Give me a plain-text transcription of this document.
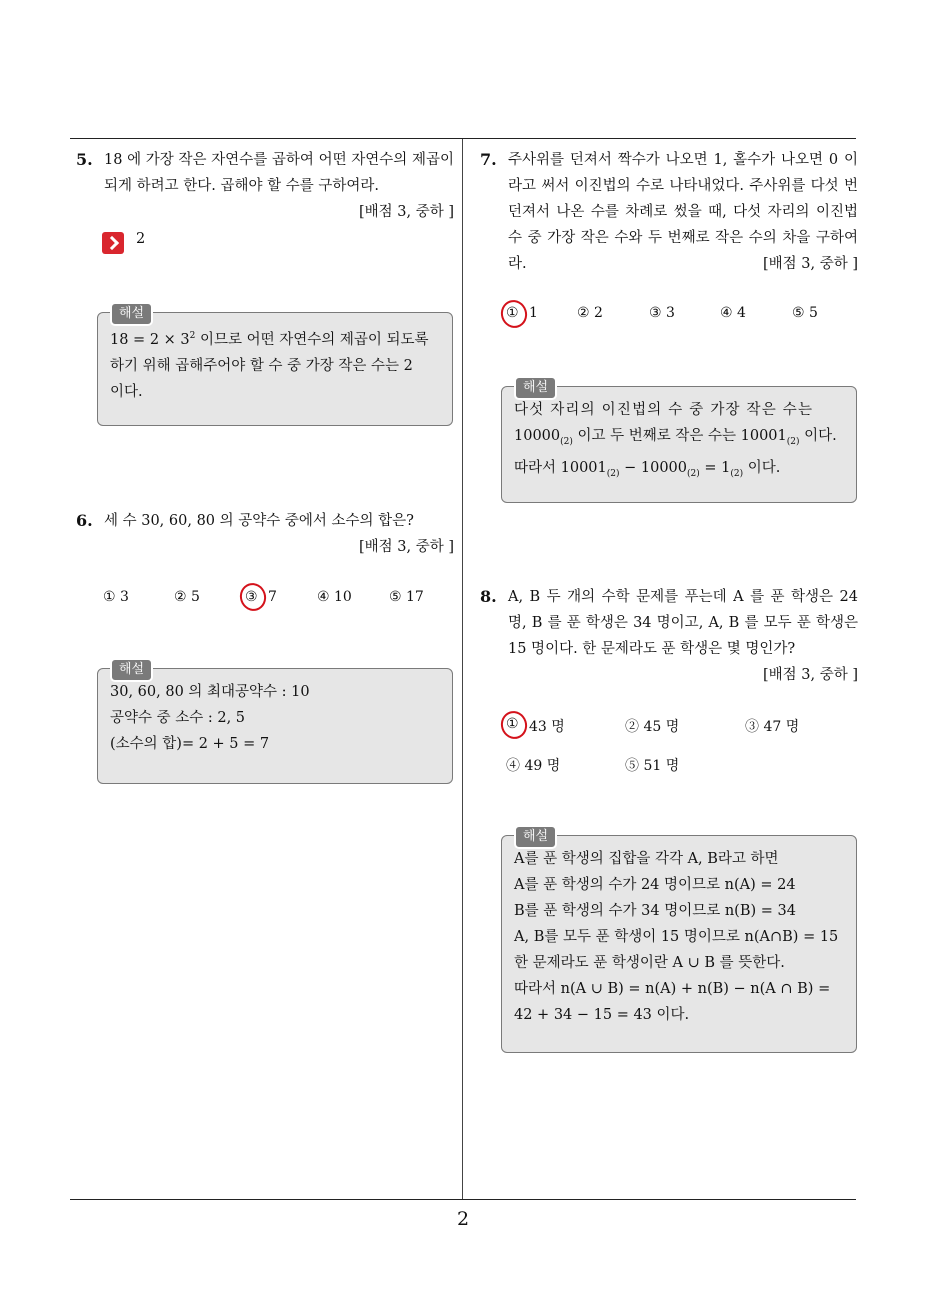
2
5. 18 에 가장 작은 자연수를 곱하여 어떤 자연수의 제곱이 되게 하려고 한다. 곱해야 할 수를 구하여라.
[배점 3, 중하 ]
2
해설
$18 = 2 \times 3^2$ 이므로 어떤 자연수의 제곱이 되도록
하기 위해 곱해주어야 할 수 중 가장 작은 수는 2
이다.
6. 세 수 30, 60, 80 의 공약수 중에서 소수의 합은?
[배점 3, 중하 ]
① 3	② 5	③ 7	④ 10	⑤ 17
해설
30, 60, 80 의 최대공약수 : 10
공약수 중 소수 : 2, 5
(소수의 합)= 2 + 5 = 7
7. 주사위를 던져서 짝수가 나오면 1, 홀수가 나오면 0 이라고 써서 이진법의 수로 나타내었다. 주사위를 다섯 번 던져서 나온 수를 차례로 썼을 때, 다섯 자리의 이진법 수 중 가장 작은 수와 두 번째로 작은 수의 차을 구하여라.	[배점 3, 중하 ]
① 1	② 2	③ 3	④ 4	⑤ 5
해설
다섯 자리의 이진법의 수 중 가장 작은 수는
$10000_{(2)}$ 이고 두 번째로 작은 수는 $10001_{(2)}$ 이다.
따라서 $10001_{(2)} - 10000_{(2)} = 1_{(2)}$ 이다.
8. A, B 두 개의 수학 문제를 푸는데 A 를 푼 학생은 24 명, B 를 푼 학생은 34 명이고, A, B 를 모두 푼 학생은 15 명이다. 한 문제라도 푼 학생은 몇 명인가?
[배점 3, 중하 ]
① 43 명	② 45 명	③ 47 명
④ 49 명	⑤ 51 명
해설
A를 푼 학생의 집합을 각각 A, B라고 하면
A를 푼 학생의 수가 24 명이므로 n(A) = 24
B를 푼 학생의 수가 34 명이므로 n(B) = 34
A, B를 모두 푼 학생이 15 명이므로 n(A∩B) = 15
한 문제라도 푼 학생이란 A ∪ B 를 뜻한다.
따라서 n(A ∪ B) = n(A) + n(B) − n(A ∩ B) =
42 + 34 − 15 = 43 이다.
